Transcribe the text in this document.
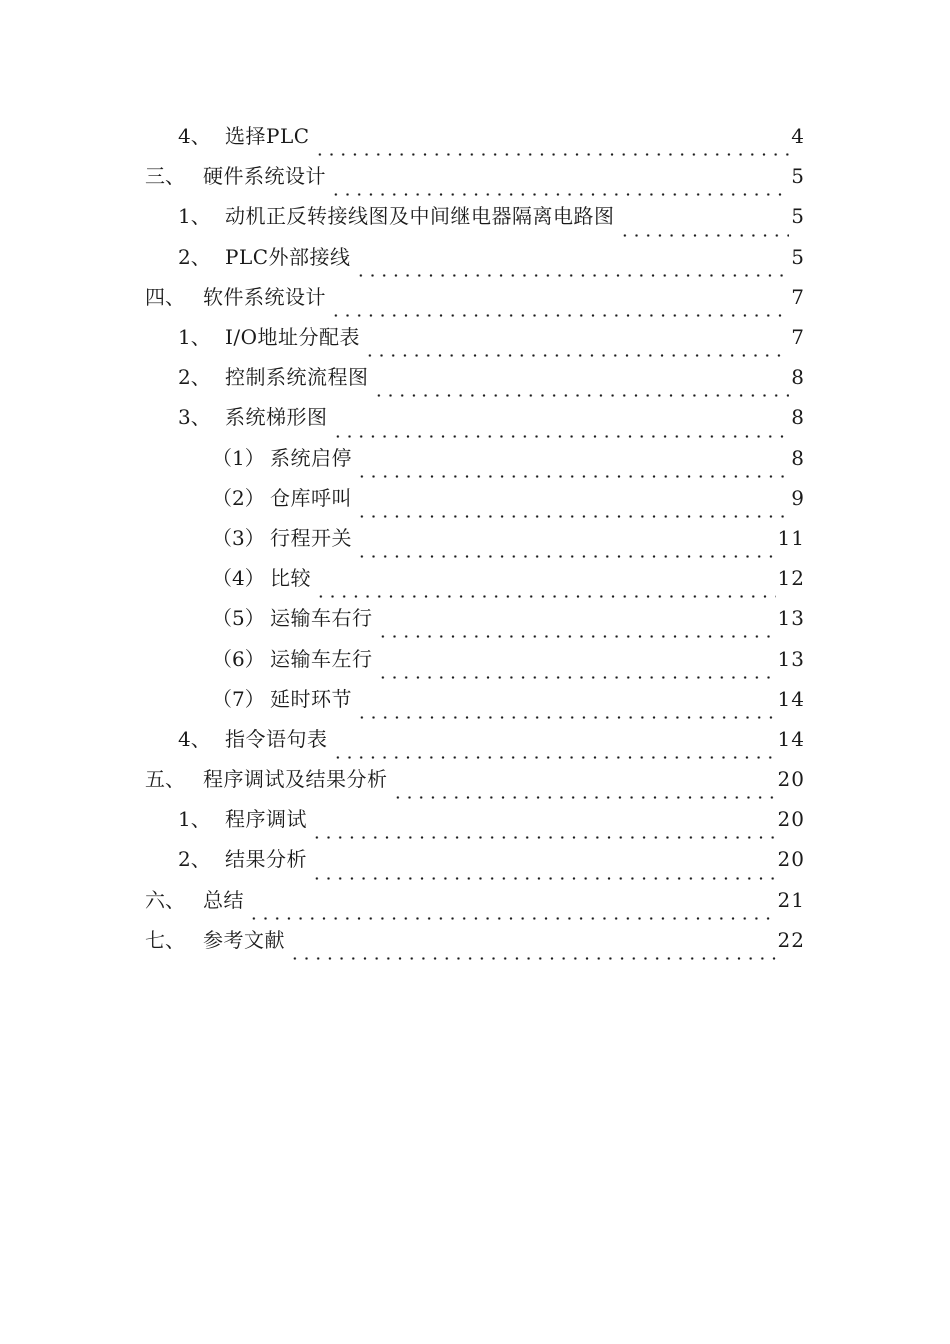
4、 选择PLC	4
三、 硬件系统设计	5
1、 动机正反转接线图及中间继电器隔离电路图	5
2、 PLC外部接线	5
四、 软件系统设计	7
1、 I/O地址分配表	7
2、 控制系统流程图	8
3、 系统梯形图	8
（1） 系统启停	8
（2） 仓库呼叫	9
（3） 行程开关	11
（4） 比较	12
（5） 运输车右行	13
（6） 运输车左行	13
（7） 延时环节	14
4、 指令语句表	14
五、 程序调试及结果分析	20
1、 程序调试	20
2、 结果分析	20
六、 总结	21
七、 参考文献	22
